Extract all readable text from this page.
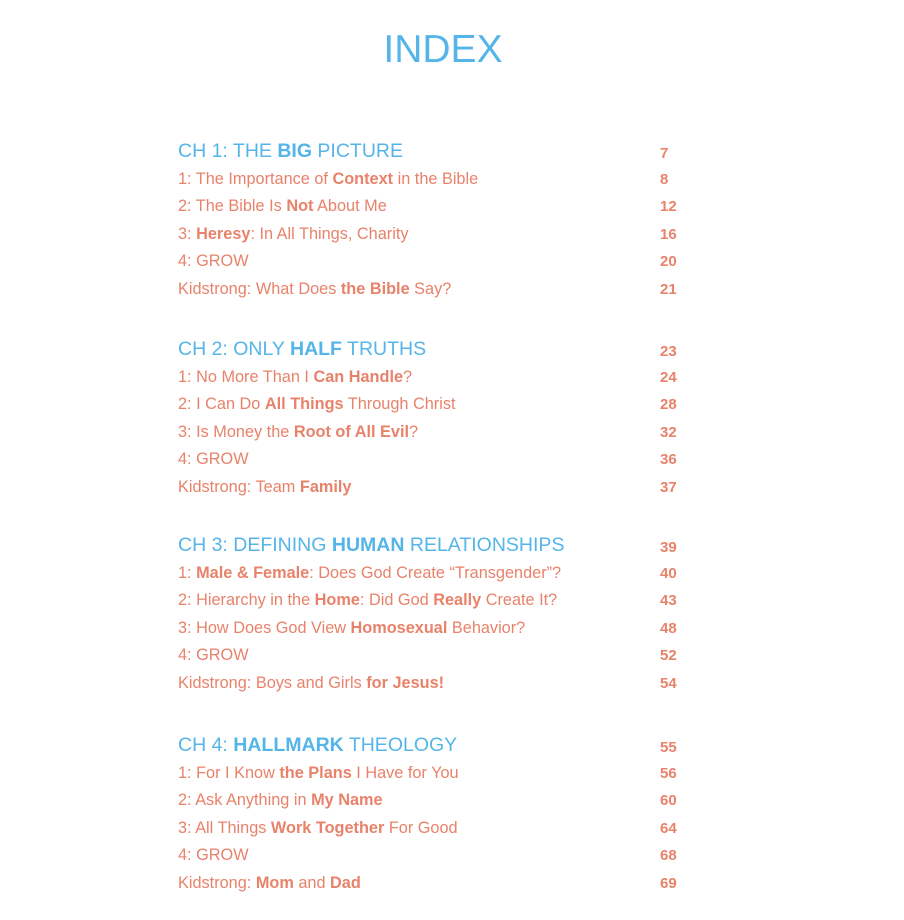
INDEX
CH 1: THE BIG PICTURE	7
1: The Importance of Context in the Bible	8
2: The Bible Is Not About Me	12
3: Heresy: In All Things, Charity	16
4: GROW	20
Kidstrong: What Does the Bible Say?	21
CH 2: ONLY HALF TRUTHS	23
1: No More Than I Can Handle?	24
2: I Can Do All Things Through Christ	28
3: Is Money the Root of All Evil?	32
4: GROW	36
Kidstrong: Team Family	37
CH 3: DEFINING HUMAN RELATIONSHIPS	39
1: Male & Female: Does God Create “Transgender”?	40
2: Hierarchy in the Home: Did God Really Create It?	43
3: How Does God View Homosexual Behavior?	48
4: GROW	52
Kidstrong: Boys and Girls for Jesus!	54
CH 4: HALLMARK THEOLOGY	55
1: For I Know the Plans I Have for You	56
2: Ask Anything in My Name	60
3: All Things Work Together For Good	64
4: GROW	68
Kidstrong: Mom and Dad	69
